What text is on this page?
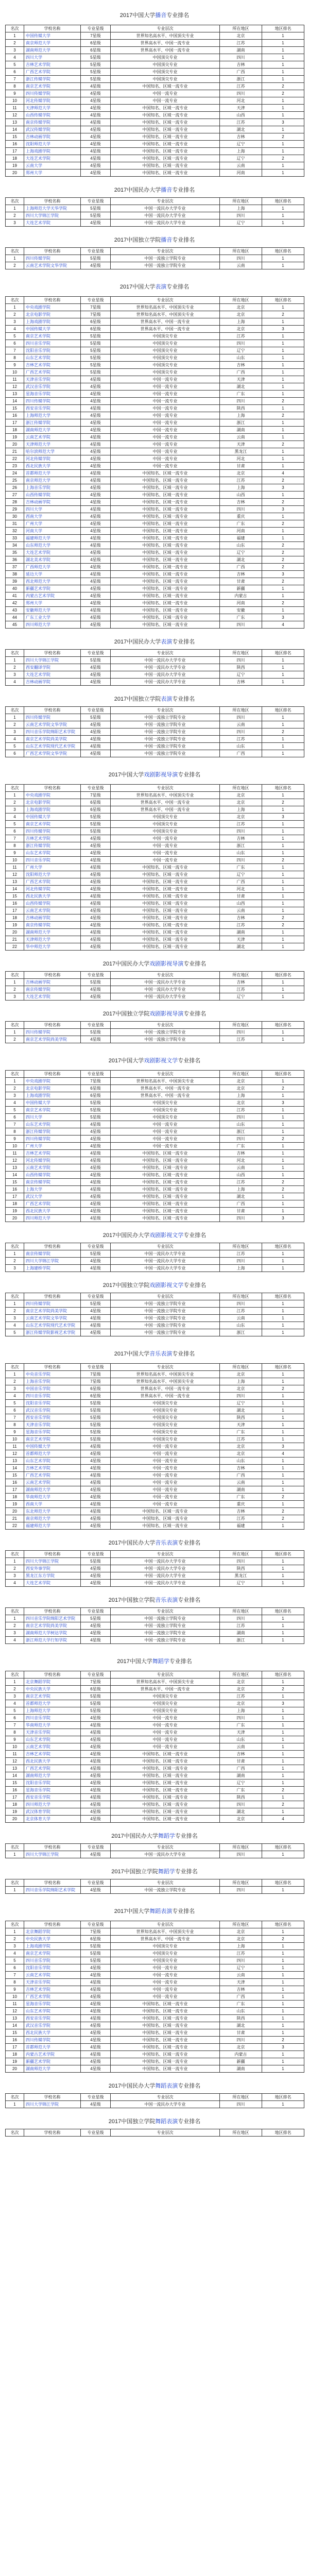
2017中国大学播音专业排名
名次	学校名称	专业星级	专业层次	所在地区	地区排名
1	中国传媒大学	7星级	世界知名高水平、中国顶尖专业	北京	1
2	南京师范大学	6星级	世界高水平、中国一流专业	江苏	1
3	湖南师范大学	6星级	世界高水平、中国一流专业	湖南	1
4	四川大学	5星级	中国顶尖专业	四川	1
5	吉林艺术学院	5星级	中国顶尖专业	吉林	1
6	广西艺术学院	5星级	中国顶尖专业	广西	1
7	浙江传媒学院	5星级	中国顶尖专业	浙江	1
8	南京艺术学院	4星级	中国知名、区域一流专业	江苏	2
9	四川传媒学院	4星级	中国一流专业	四川	2
10	河北传媒学院	4星级	中国一流专业	河北	1
11	天津师范大学	4星级	中国知名、区域一流专业	天津	1
12	山西传媒学院	4星级	中国知名、区域一流专业	山西	1
13	南京传媒学院	4星级	中国知名、区域一流专业	江苏	3
14	武汉传媒学院	4星级	中国知名、区域一流专业	湖北	1
15	吉林动画学院	4星级	中国知名、区域一流专业	吉林	2
16	沈阳师范大学	4星级	中国知名、区域一流专业	辽宁	1
17	上海戏剧学院	4星级	中国知名、区域一流专业	上海	1
18	大连艺术学院	4星级	中国知名、区域一流专业	辽宁	2
19	云南大学	4星级	中国知名、区域一流专业	云南	1
20	郑州大学	4星级	中国知名、区域一流专业	河南	1
2017中国民办大学播音专业排名
名次	学校名称	专业星级	专业层次	所在地区	地区排名
1	上海师范大学天华学院	5星级	中国一流民办大学专业	上海	1
2	四川大学锦江学院	5星级	中国一流民办大学专业	四川	1
3	大连艺术学院	4星级	中国一流民办大学专业	辽宁	1
2017中国独立学院播音专业排名
名次	学校名称	专业星级	专业层次	所在地区	地区排名
1	四川传媒学院	5星级	中国一流独立学院专业	四川	1
2	云南艺术学院文华学院	4星级	中国一流独立学院专业	云南	1
2017中国大学表演专业排名
名次	学校名称	专业星级	专业层次	所在地区	地区排名
1	中央戏剧学院	7星级	世界知名高水平、中国顶尖专业	北京	1
2	北京电影学院	7星级	世界知名高水平、中国顶尖专业	北京	2
3	上海戏剧学院	6星级	世界高水平、中国一流专业	上海	1
4	中国传媒大学	6星级	世界高水平、中国一流专业	北京	3
5	南京艺术学院	5星级	中国顶尖专业	江苏	1
6	四川音乐学院	5星级	中国顶尖专业	四川	1
7	沈阳音乐学院	5星级	中国顶尖专业	辽宁	1
8	山东艺术学院	5星级	中国顶尖专业	山东	1
9	吉林艺术学院	5星级	中国顶尖专业	吉林	1
10	广西艺术学院	5星级	中国顶尖专业	广西	1
11	天津音乐学院	4星级	中国一流专业	天津	1
12	武汉音乐学院	4星级	中国一流专业	湖北	1
13	星海音乐学院	4星级	中国一流专业	广东	1
14	四川传媒学院	4星级	中国一流专业	四川	2
15	西安音乐学院	4星级	中国一流专业	陕西	1
16	上海师范大学	4星级	中国一流专业	上海	2
17	浙江传媒学院	4星级	中国一流专业	浙江	1
18	湖南师范大学	4星级	中国一流专业	湖南	1
19	云南艺术学院	4星级	中国一流专业	云南	1
20	天津师范大学	4星级	中国一流专业	天津	2
21	哈尔滨师范大学	4星级	中国一流专业	黑龙江	1
22	河北传媒学院	4星级	中国一流专业	河北	1
23	西北民族大学	4星级	中国一流专业	甘肃	1
24	首都师范大学	4星级	中国知名、区域一流专业	北京	4
25	南京师范大学	4星级	中国知名、区域一流专业	江苏	2
26	上海音乐学院	4星级	中国知名、区域一流专业	上海	3
27	山西传媒学院	4星级	中国知名、区域一流专业	山西	1
28	吉林动画学院	4星级	中国知名、区域一流专业	吉林	2
29	四川大学	4星级	中国知名、区域一流专业	四川	3
30	西南大学	4星级	中国知名、区域一流专业	重庆	1
31	广州大学	4星级	中国知名、区域一流专业	广东	2
32	河南大学	4星级	中国知名、区域一流专业	河南	1
33	福建师范大学	4星级	中国知名、区域一流专业	福建	1
34	山东师范大学	4星级	中国知名、区域一流专业	山东	2
35	大连艺术学院	4星级	中国知名、区域一流专业	辽宁	2
36	湖北美术学院	4星级	中国知名、区域一流专业	湖北	2
37	广西师范大学	4星级	中国知名、区域一流专业	广西	2
38	延边大学	4星级	中国知名、区域一流专业	吉林	3
39	西北师范大学	4星级	中国知名、区域一流专业	甘肃	2
40	新疆艺术学院	4星级	中国知名、区域一流专业	新疆	1
41	内蒙古艺术学院	4星级	中国知名、区域一流专业	内蒙古	1
42	郑州大学	4星级	中国知名、区域一流专业	河南	2
43	安徽师范大学	4星级	中国知名、区域一流专业	安徽	1
44	广东工业大学	4星级	中国知名、区域一流专业	广东	3
45	四川师范大学	4星级	中国知名、区域一流专业	四川	4
2017中国民办大学表演专业排名
名次	学校名称	专业星级	专业层次	所在地区	地区排名
1	四川大学锦江学院	5星级	中国一流民办大学专业	四川	1
2	西安翻译学院	4星级	中国一流民办大学专业	陕西	1
3	大连艺术学院	4星级	中国一流民办大学专业	辽宁	1
4	吉林动画学院	4星级	中国一流民办大学专业	吉林	1
2017中国独立学院表演专业排名
名次	学校名称	专业星级	专业层次	所在地区	地区排名
1	四川传媒学院	5星级	中国一流独立学院专业	四川	1
2	云南艺术学院文华学院	4星级	中国一流独立学院专业	云南	1
3	四川音乐学院绵阳艺术学院	4星级	中国一流独立学院专业	四川	2
4	南京艺术学院尚美学院	4星级	中国一流独立学院专业	江苏	1
5	山东艺术学院现代艺术学院	4星级	中国一流独立学院专业	山东	1
6	广西艺术学院文华学院	4星级	中国一流独立学院专业	广西	1
2017中国大学戏剧影视导演专业排名
名次	学校名称	专业星级	专业层次	所在地区	地区排名
1	中央戏剧学院	7星级	世界知名高水平、中国顶尖专业	北京	1
2	北京电影学院	6星级	世界高水平、中国一流专业	北京	2
3	上海戏剧学院	6星级	世界高水平、中国一流专业	上海	1
4	中国传媒大学	5星级	中国顶尖专业	北京	3
5	南京艺术学院	5星级	中国顶尖专业	江苏	1
6	四川传媒学院	5星级	中国顶尖专业	四川	1
7	吉林艺术学院	4星级	中国一流专业	吉林	1
8	浙江传媒学院	4星级	中国一流专业	浙江	1
9	山东艺术学院	4星级	中国一流专业	山东	1
10	四川音乐学院	4星级	中国一流专业	四川	2
11	广州大学	4星级	中国知名、区域一流专业	广东	1
12	沈阳师范大学	4星级	中国知名、区域一流专业	辽宁	1
13	广西艺术学院	4星级	中国知名、区域一流专业	广西	1
14	河北传媒学院	4星级	中国知名、区域一流专业	河北	1
15	西北民族大学	4星级	中国知名、区域一流专业	甘肃	1
16	山西传媒学院	4星级	中国知名、区域一流专业	山西	1
17	云南艺术学院	4星级	中国知名、区域一流专业	云南	1
18	吉林动画学院	4星级	中国知名、区域一流专业	吉林	2
19	南京传媒学院	4星级	中国知名、区域一流专业	江苏	2
20	湖南师范大学	4星级	中国知名、区域一流专业	湖南	1
21	天津师范大学	4星级	中国知名、区域一流专业	天津	1
22	华中师范大学	4星级	中国知名、区域一流专业	湖北	1
2017中国民办大学戏剧影视导演专业排名
名次	学校名称	专业星级	专业层次	所在地区	地区排名
1	吉林动画学院	5星级	中国一流民办大学专业	吉林	1
2	南京传媒学院	4星级	中国一流民办大学专业	江苏	1
3	大连艺术学院	4星级	中国一流民办大学专业	辽宁	1
2017中国独立学院戏剧影视导演专业排名
名次	学校名称	专业星级	专业层次	所在地区	地区排名
1	四川传媒学院	5星级	中国一流独立学院专业	四川	1
2	南京艺术学院尚美学院	4星级	中国一流独立学院专业	江苏	1
2017中国大学戏剧影视文学专业排名
名次	学校名称	专业星级	专业层次	所在地区	地区排名
1	中央戏剧学院	7星级	世界知名高水平、中国顶尖专业	北京	1
2	北京电影学院	6星级	世界高水平、中国一流专业	北京	2
3	上海戏剧学院	6星级	世界高水平、中国一流专业	上海	1
4	中国传媒大学	5星级	中国顶尖专业	北京	3
5	南京艺术学院	5星级	中国顶尖专业	江苏	1
6	四川大学	5星级	中国顶尖专业	四川	1
7	山东艺术学院	4星级	中国一流专业	山东	1
8	浙江传媒学院	4星级	中国一流专业	浙江	1
9	四川传媒学院	4星级	中国一流专业	四川	2
10	广州大学	4星级	中国一流专业	广东	1
11	吉林艺术学院	4星级	中国知名、区域一流专业	吉林	1
12	河北传媒学院	4星级	中国知名、区域一流专业	河北	1
13	云南艺术学院	4星级	中国知名、区域一流专业	云南	1
14	山西传媒学院	4星级	中国知名、区域一流专业	山西	1
15	南京传媒学院	4星级	中国知名、区域一流专业	江苏	2
16	上海大学	4星级	中国知名、区域一流专业	上海	2
17	武汉大学	4星级	中国知名、区域一流专业	湖北	1
18	广西艺术学院	4星级	中国知名、区域一流专业	广西	1
19	西北民族大学	4星级	中国知名、区域一流专业	甘肃	1
20	四川师范大学	4星级	中国知名、区域一流专业	四川	3
2017中国民办大学戏剧影视文学专业排名
名次	学校名称	专业星级	专业层次	所在地区	地区排名
1	南京传媒学院	5星级	中国一流民办大学专业	江苏	1
2	四川大学锦江学院	4星级	中国一流民办大学专业	四川	1
3	上海建桥学院	4星级	中国一流民办大学专业	上海	1
2017中国独立学院戏剧影视文学专业排名
名次	学校名称	专业星级	专业层次	所在地区	地区排名
1	四川传媒学院	5星级	中国一流独立学院专业	四川	1
2	南京艺术学院尚美学院	4星级	中国一流独立学院专业	江苏	1
3	云南艺术学院文华学院	4星级	中国一流独立学院专业	云南	1
4	山东艺术学院现代艺术学院	4星级	中国一流独立学院专业	山东	1
5	浙江传媒学院影视艺术学院	4星级	中国一流独立学院专业	浙江	1
2017中国大学音乐表演专业排名
名次	学校名称	专业星级	专业层次	所在地区	地区排名
1	中央音乐学院	7星级	世界知名高水平、中国顶尖专业	北京	1
2	上海音乐学院	7星级	世界知名高水平、中国顶尖专业	上海	1
3	中国音乐学院	6星级	世界高水平、中国一流专业	北京	2
4	四川音乐学院	6星级	世界高水平、中国一流专业	四川	1
5	沈阳音乐学院	5星级	中国顶尖专业	辽宁	1
6	武汉音乐学院	5星级	中国顶尖专业	湖北	1
7	西安音乐学院	5星级	中国顶尖专业	陕西	1
8	天津音乐学院	5星级	中国顶尖专业	天津	1
9	星海音乐学院	5星级	中国顶尖专业	广东	1
10	南京艺术学院	5星级	中国顶尖专业	江苏	1
11	中国传媒大学	4星级	中国一流专业	北京	3
12	首都师范大学	4星级	中国一流专业	北京	4
13	山东艺术学院	4星级	中国一流专业	山东	1
14	吉林艺术学院	4星级	中国一流专业	吉林	1
15	广西艺术学院	4星级	中国一流专业	广西	1
16	云南艺术学院	4星级	中国一流专业	云南	1
17	湖南师范大学	4星级	中国一流专业	湖南	1
18	华南师范大学	4星级	中国一流专业	广东	2
19	西南大学	4星级	中国一流专业	重庆	1
20	东北师范大学	4星级	中国知名、区域一流专业	吉林	2
21	南京师范大学	4星级	中国知名、区域一流专业	江苏	2
22	福建师范大学	4星级	中国知名、区域一流专业	福建	1
2017中国民办大学音乐表演专业排名
名次	学校名称	专业星级	专业层次	所在地区	地区排名
1	四川大学锦江学院	5星级	中国一流民办大学专业	四川	1
2	西安外事学院	4星级	中国一流民办大学专业	陕西	1
3	黑龙江东方学院	4星级	中国一流民办大学专业	黑龙江	1
4	大连艺术学院	4星级	中国一流民办大学专业	辽宁	1
2017中国独立学院音乐表演专业排名
名次	学校名称	专业星级	专业层次	所在地区	地区排名
1	四川音乐学院绵阳艺术学院	5星级	中国一流独立学院专业	四川	1
2	南京艺术学院尚美学院	4星级	中国一流独立学院专业	江苏	1
3	湖南师范大学树达学院	4星级	中国一流独立学院专业	湖南	1
4	浙江师范大学行知学院	4星级	中国一流独立学院专业	浙江	1
2017中国大学舞蹈学专业排名
名次	学校名称	专业星级	专业层次	所在地区	地区排名
1	北京舞蹈学院	7星级	世界知名高水平、中国顶尖专业	北京	1
2	中央民族大学	6星级	世界高水平、中国一流专业	北京	2
3	南京艺术学院	5星级	中国顶尖专业	江苏	1
4	首都师范大学	5星级	中国顶尖专业	北京	3
5	上海师范大学	5星级	中国顶尖专业	上海	1
6	四川音乐学院	4星级	中国一流专业	四川	1
7	华南师范大学	4星级	中国一流专业	广东	1
8	天津音乐学院	4星级	中国一流专业	天津	1
9	山东艺术学院	4星级	中国一流专业	山东	1
10	云南艺术学院	4星级	中国一流专业	云南	1
11	吉林艺术学院	4星级	中国知名、区域一流专业	吉林	1
12	西北民族大学	4星级	中国知名、区域一流专业	甘肃	1
13	广西艺术学院	4星级	中国知名、区域一流专业	广西	1
14	湖南师范大学	4星级	中国知名、区域一流专业	湖南	1
15	沈阳音乐学院	4星级	中国知名、区域一流专业	辽宁	1
16	星海音乐学院	4星级	中国知名、区域一流专业	广东	2
17	西安音乐学院	4星级	中国知名、区域一流专业	陕西	1
18	四川师范大学	4星级	中国知名、区域一流专业	四川	2
19	武汉体育学院	4星级	中国知名、区域一流专业	湖北	1
20	北京体育大学	4星级	中国知名、区域一流专业	北京	4
2017中国民办大学舞蹈学专业排名
名次	学校名称	专业星级	专业层次	所在地区	地区排名
1	四川大学锦江学院	4星级	中国一流民办大学专业	四川	1
2017中国独立学院舞蹈学专业排名
名次	学校名称	专业星级	专业层次	所在地区	地区排名
1	四川音乐学院绵阳艺术学院	4星级	中国一流独立学院专业	四川	1
2017中国大学舞蹈表演专业排名
名次	学校名称	专业星级	专业层次	所在地区	地区排名
1	北京舞蹈学院	7星级	世界知名高水平、中国顶尖专业	北京	1
2	中央民族大学	6星级	世界高水平、中国一流专业	北京	2
3	上海戏剧学院	5星级	中国顶尖专业	上海	1
4	南京艺术学院	5星级	中国顶尖专业	江苏	1
5	四川音乐学院	5星级	中国顶尖专业	四川	1
6	沈阳音乐学院	4星级	中国一流专业	辽宁	1
7	云南艺术学院	4星级	中国一流专业	云南	1
8	天津音乐学院	4星级	中国一流专业	天津	1
9	吉林艺术学院	4星级	中国一流专业	吉林	1
10	广西艺术学院	4星级	中国一流专业	广西	1
11	星海音乐学院	4星级	中国知名、区域一流专业	广东	1
12	山东艺术学院	4星级	中国知名、区域一流专业	山东	1
13	西安音乐学院	4星级	中国知名、区域一流专业	陕西	1
14	武汉音乐学院	4星级	中国知名、区域一流专业	湖北	1
15	西北民族大学	4星级	中国知名、区域一流专业	甘肃	1
16	四川传媒学院	4星级	中国知名、区域一流专业	四川	2
17	首都师范大学	4星级	中国知名、区域一流专业	北京	3
18	内蒙古艺术学院	4星级	中国知名、区域一流专业	内蒙古	1
19	新疆艺术学院	4星级	中国知名、区域一流专业	新疆	1
20	湖南师范大学	4星级	中国知名、区域一流专业	湖南	1
2017中国民办大学舞蹈表演专业排名
名次	学校名称	专业星级	专业层次	所在地区	地区排名
1	四川大学锦江学院	4星级	中国一流民办大学专业	四川	1
2017中国独立学院舞蹈表演专业排名
名次	学校名称	专业星级	专业层次	所在地区	地区排名
